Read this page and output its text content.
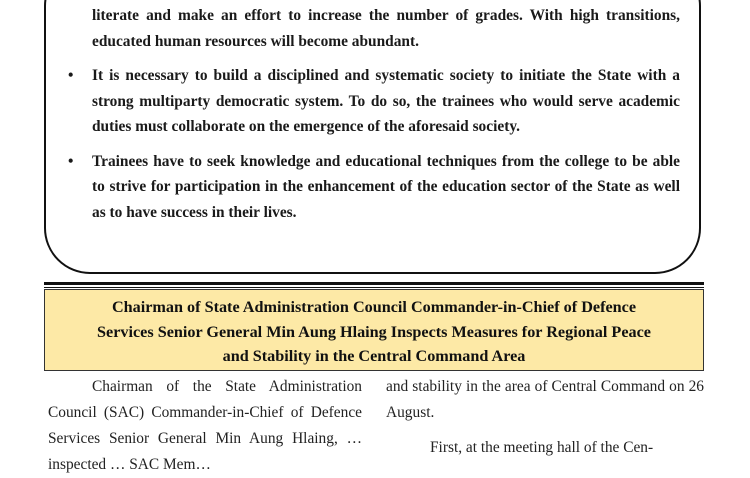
literate and make an effort to increase the number of grades. With high transitions, educated human resources will become abundant.
• It is necessary to build a disciplined and systematic society to initiate the State with a strong multiparty democratic system. To do so, the trainees who would serve academic duties must collaborate on the emergence of the aforesaid society.
• Trainees have to seek knowledge and educational techniques from the college to be able to strive for participation in the enhancement of the education sector of the State as well as to have success in their lives.
Chairman of State Administration Council Commander-in-Chief of Defence
Services Senior General Min Aung Hlaing Inspects Measures for Regional Peace
and Stability in the Central Command Area

Chairman of the State Administration Council (SAC) Commander-in-Chief of Defence Services Senior General Min Aung Hlaing, … inspected … SAC Mem…

and stability in the area of Central Command on 26 August.

First, at the meeting hall of the Cen-
